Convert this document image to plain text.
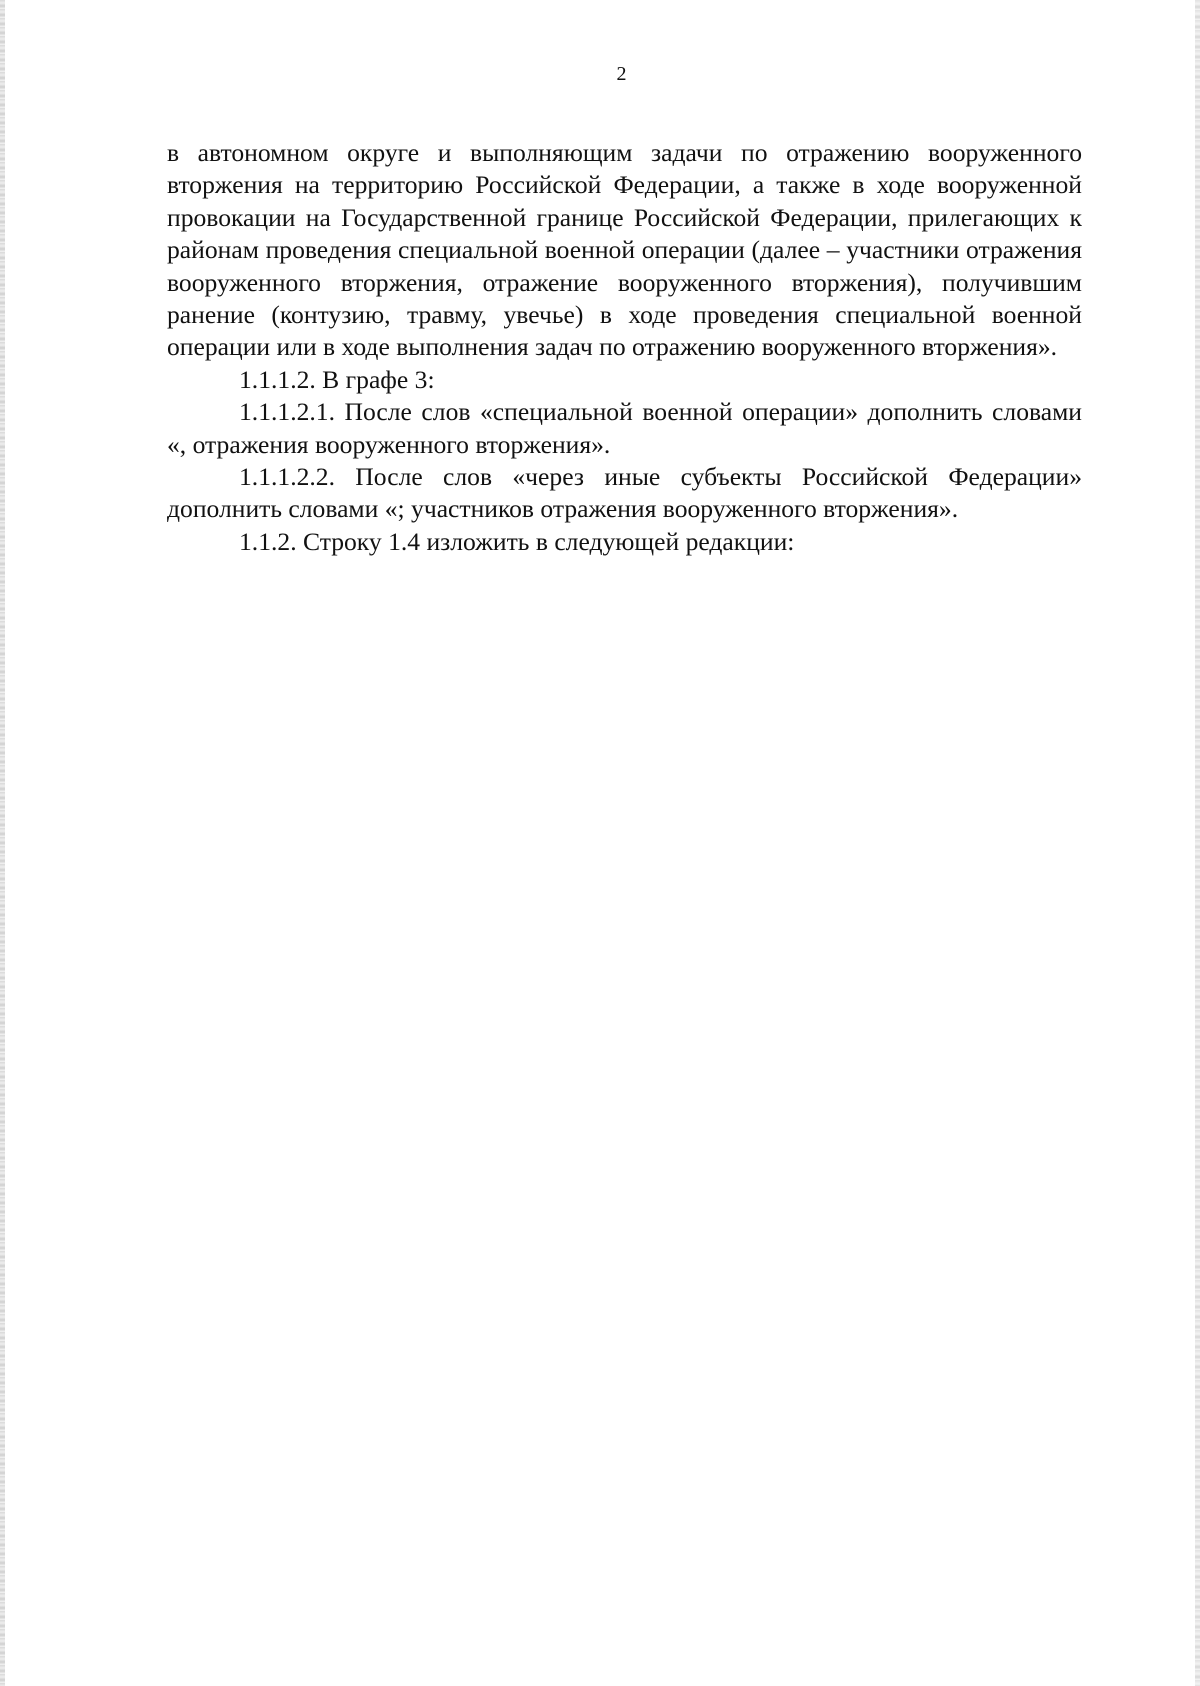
2

в автономном округе и выполняющим задачи по отражению вооруженного вторжения на территорию Российской Федерации, а также в ходе вооруженной провокации на Государственной границе Российской Федерации, прилегающих к районам проведения специальной военной операции (далее – участники отражения вооруженного вторжения, отражение вооруженного вторжения), получившим ранение (контузию, травму, увечье) в ходе проведения специальной военной операции или в ходе выполнения задач по отражению вооруженного вторжения».

1.1.1.2. В графе 3:

1.1.1.2.1. После слов «специальной военной операции» дополнить словами «, отражения вооруженного вторжения».

1.1.1.2.2. После слов «через иные субъекты Российской Федерации» дополнить словами «; участников отражения вооруженного вторжения».

1.1.2. Строку 1.4 изложить в следующей редакции:
